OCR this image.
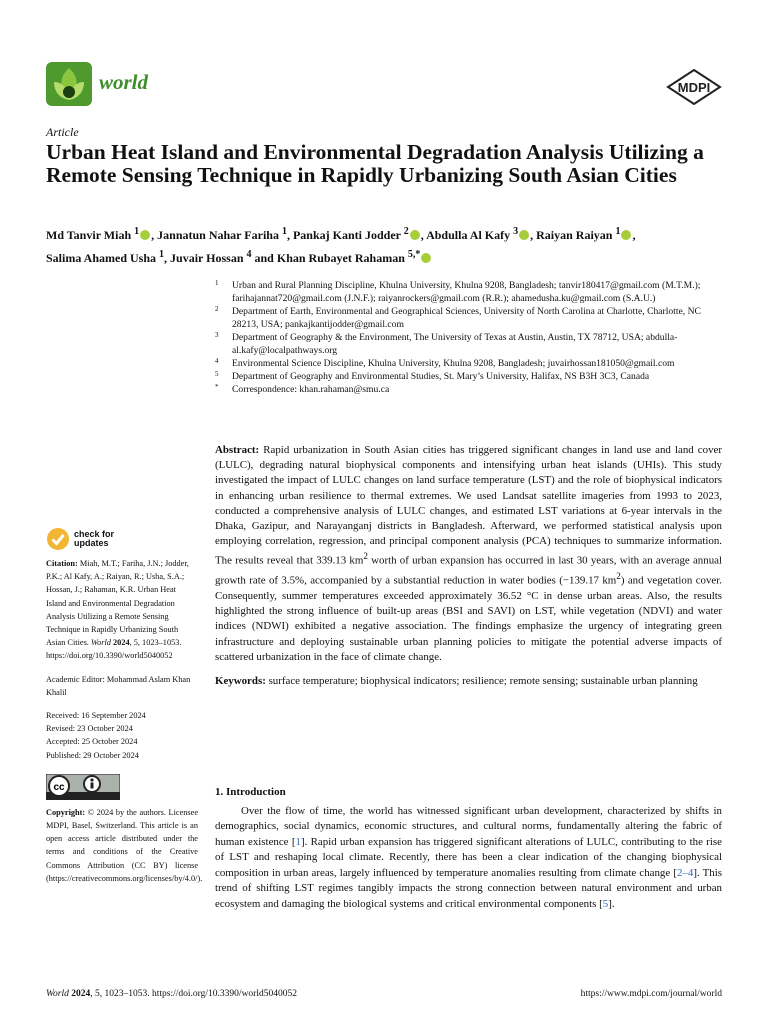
world	MDPI
Article
Urban Heat Island and Environmental Degradation Analysis Utilizing a Remote Sensing Technique in Rapidly Urbanizing South Asian Cities
Md Tanvir Miah $^1$ , Jannatun Nahar Fariha $^1$, Pankaj Kanti Jodder $^2$ , Abdulla Al Kafy $^3$ , Raiyan Raiyan $^1$ ,
Salima Ahamed Usha $^1$, Juvair Hossan $^4$ and Khan Rubayet Rahaman $^{5,*}$
1 Urban and Rural Planning Discipline, Khulna University, Khulna 9208, Bangladesh; tanvir180417@gmail.com (M.T.M.); farihajannat720@gmail.com (J.N.F.); raiyanrockers@gmail.com (R.R.); ahamedusha.ku@gmail.com (S.A.U.)
2 Department of Earth, Environmental and Geographical Sciences, University of North Carolina at Charlotte, Charlotte, NC 28213, USA; pankajkantijodder@gmail.com
3 Department of Geography & the Environment, The University of Texas at Austin, Austin, TX 78712, USA; abdulla-al.kafy@localpathways.org
4 Environmental Science Discipline, Khulna University, Khulna 9208, Bangladesh; juvairhossan181050@gmail.com
5 Department of Geography and Environmental Studies, St. Mary’s University, Halifax, NS B3H 3C3, Canada
* Correspondence: khan.rahaman@smu.ca
check for
updates

Citation: Miah, M.T.; Fariha, J.N.; Jodder, P.K.; Al Kafy, A.; Raiyan, R.; Usha, S.A.; Hossan, J.; Rahaman, K.R. Urban Heat Island and Environmental Degradation Analysis Utilizing a Remote Sensing Technique in Rapidly Urbanizing South Asian Cities. World 2024, 5, 1023–1053. https://doi.org/10.3390/world5040052

Academic Editor: Mohammad Aslam Khan Khalil

Received: 16 September 2024

Revised: 23 October 2024

Accepted: 25 October 2024

Published: 29 October 2024

cc

Copyright: © 2024 by the authors. Licensee MDPI, Basel, Switzerland. This article is an open access article distributed under the terms and conditions of the Creative Commons Attribution (CC BY) license (https://creativecommons.org/licenses/by/4.0/).

Abstract: Rapid urbanization in South Asian cities has triggered significant changes in land use and land cover (LULC), degrading natural biophysical components and intensifying urban heat islands (UHIs). This study investigated the impact of LULC changes on land surface temperature (LST) and the role of biophysical indicators in enhancing urban resilience to thermal extremes. We used Landsat satellite imageries from 1993 to 2023, conducted a comprehensive analysis of LULC changes, and estimated LST variations at 6-year intervals in the Dhaka, Gazipur, and Narayanganj districts in Bangladesh. Afterward, we performed statistical analysis upon employing correlation, regression, and principal component analysis (PCA) techniques to summarize information. The results reveal that 339.13 $km^2$ worth of urban expansion has occurred in last 30 years, with an average annual growth rate of 3.5%, accompanied by a substantial reduction in water bodies (−139.17 $km^2$) and vegetation cover. Consequently, summer temperatures exceeded approximately 36.52 °C in dense urban areas. Also, the results highlighted the strong influence of built-up areas (BSI and SAVI) on LST, while vegetation (NDVI) and water indices (NDWI) exhibited a negative association. The findings emphasize the urgency of integrating green infrastructure and deploying sustainable urban planning policies to mitigate the potential adverse impacts of scattered urbanization in the face of climate change.

Keywords: surface temperature; biophysical indicators; resilience; remote sensing; sustainable urban planning

1. Introduction

Over the flow of time, the world has witnessed significant urban development, characterized by shifts in demographics, social dynamics, economic structures, and cultural norms, fundamentally altering the fabric of human existence [1]. Rapid urban expansion has triggered significant alterations of LULC, contributing to the rise of LST and reshaping local climate. Recently, there has been a clear indication of the changing biophysical composition in urban areas, largely influenced by temperature anomalies resulting from climate change [2–4]. This trend of shifting LST regimes tangibly impacts the strong connection between natural environment and urban ecosystem and damaging the biological systems and critical environmental components [5].

World 2024, 5, 1023–1053. https://doi.org/10.3390/world5040052	https://www.mdpi.com/journal/world
